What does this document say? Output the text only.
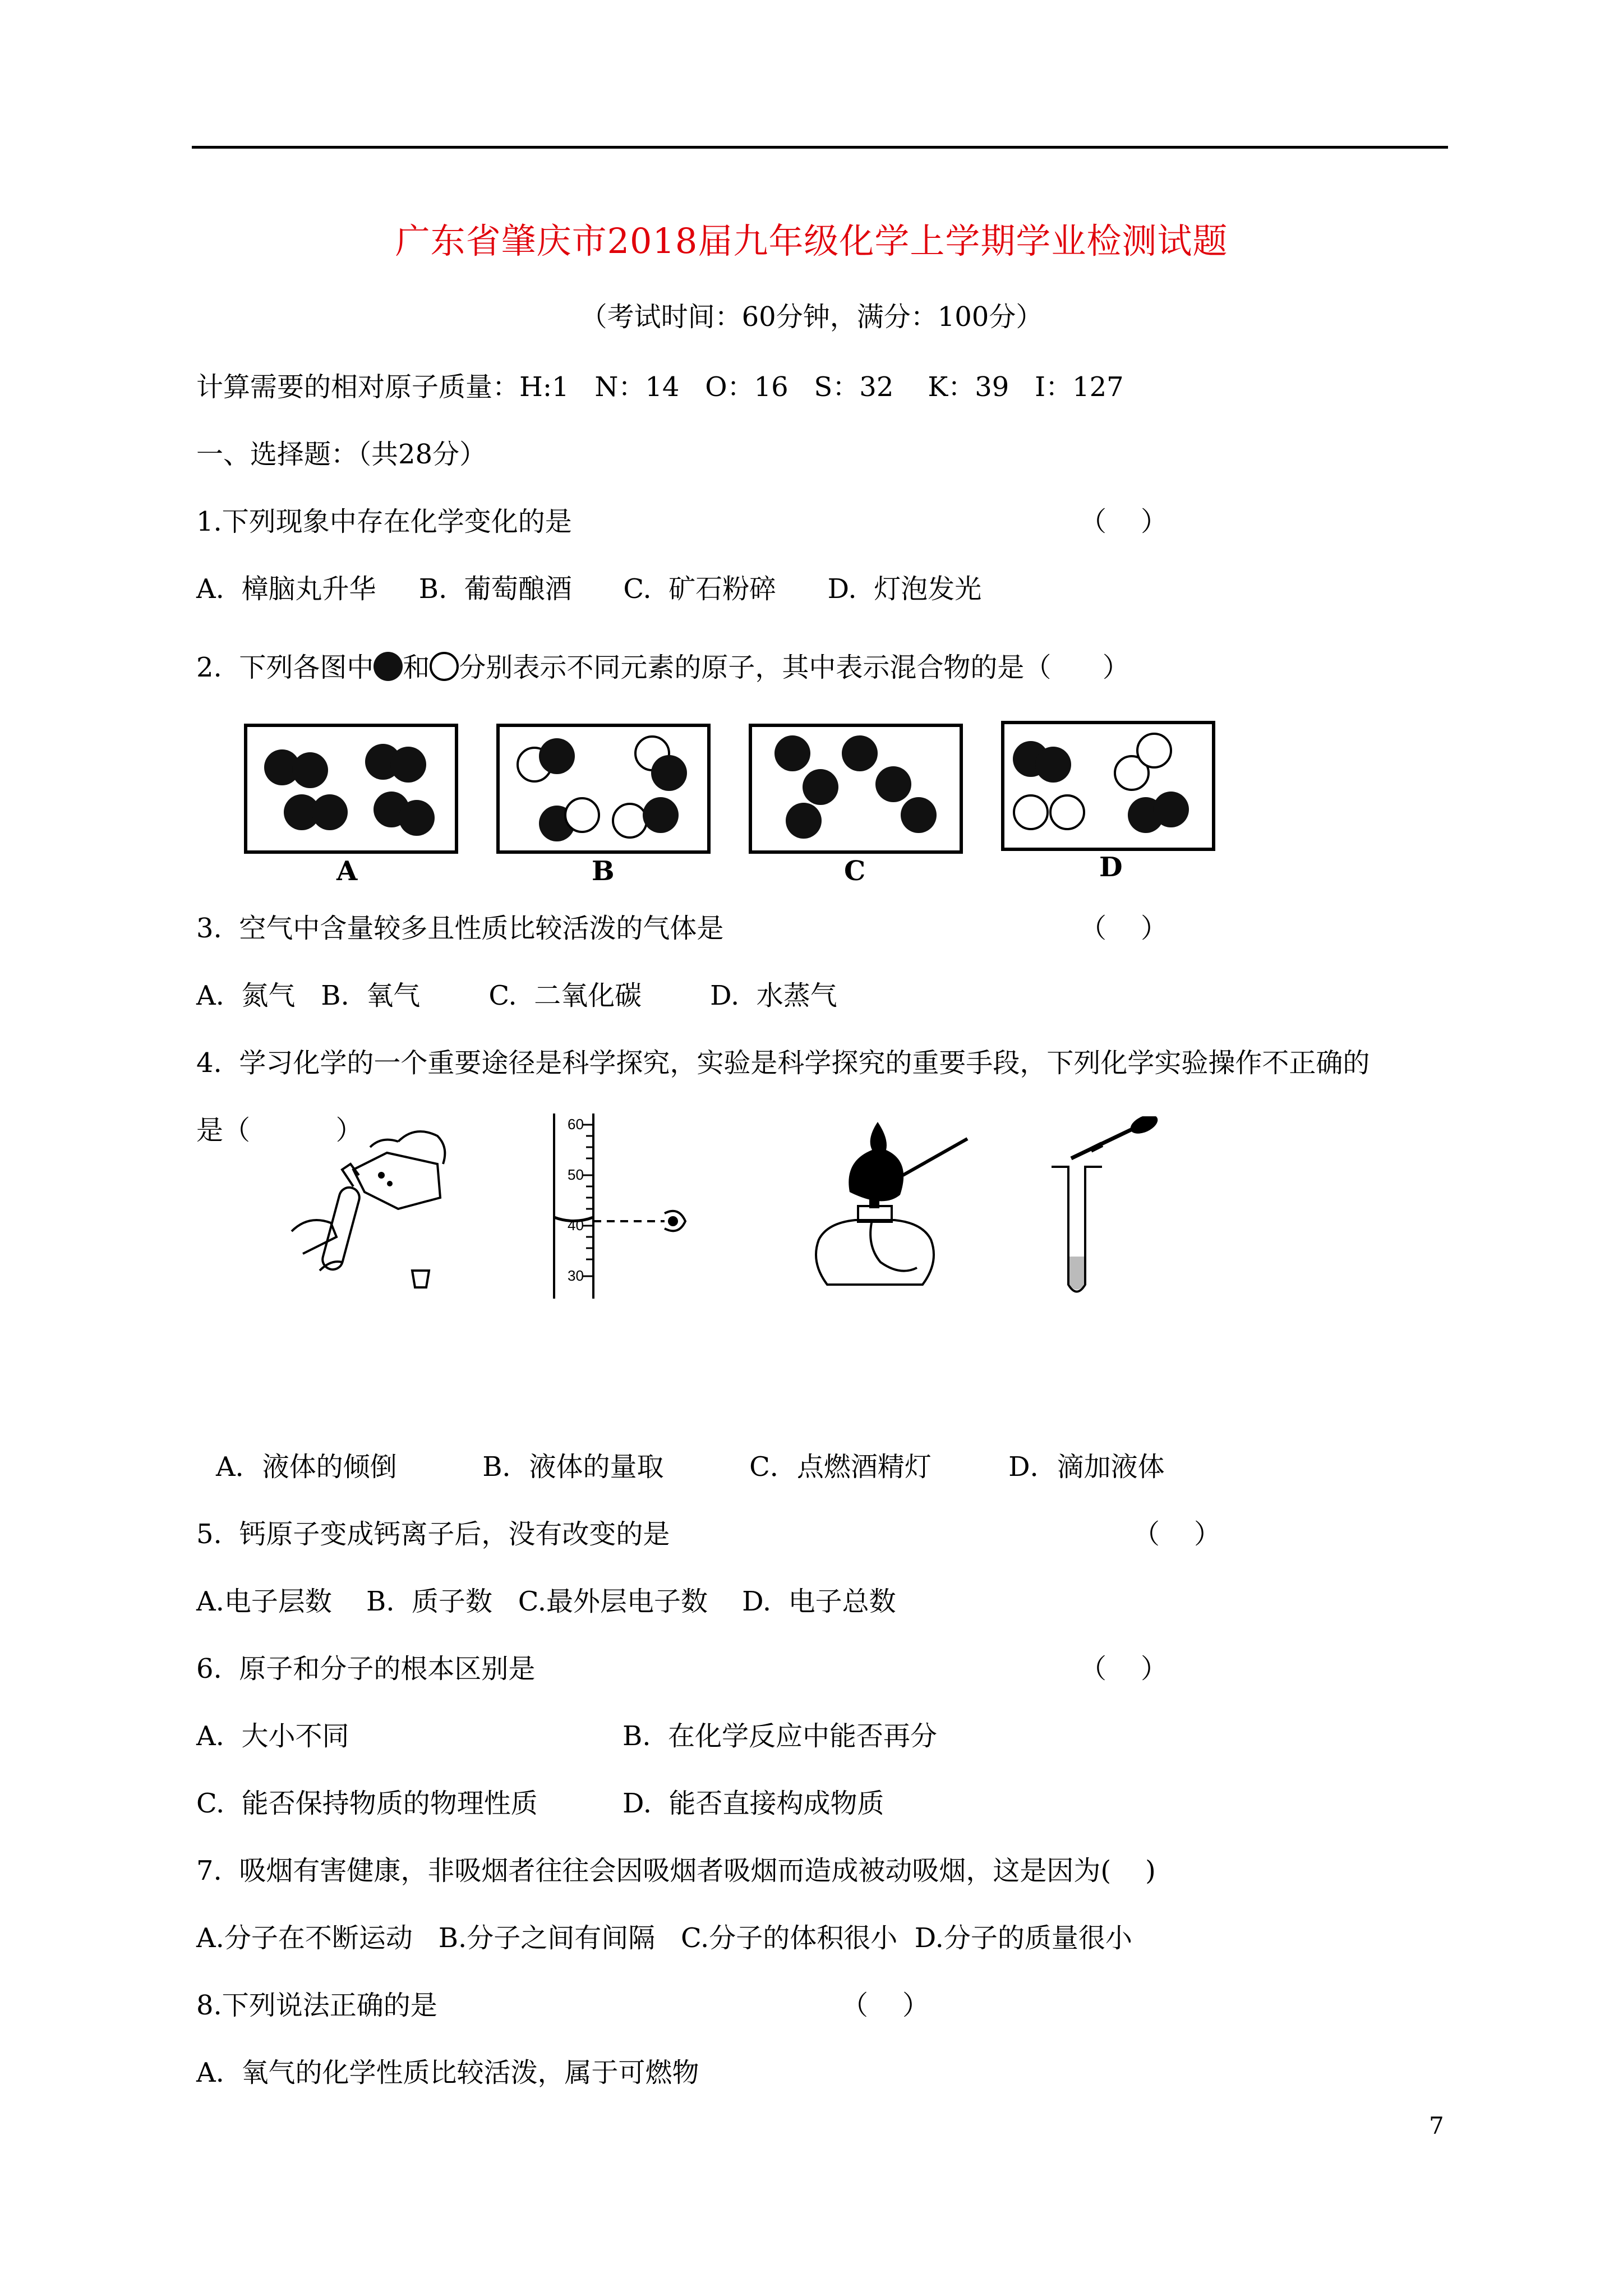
广东省肇庆市2018届九年级化学上学期学业检测试题
（考试时间：60分钟，满分：100分）
计算需要的相对原子质量：H:1   N：14   O：16   S：32    K：39   I：127
一、选择题：（共28分）
1.下列现象中存在化学变化的是	（    ）
A.  樟脑丸升华     B.  葡萄酿酒      C.  矿石粉碎      D.  灯泡发光
2.  下列各图中 和 分别表示不同元素的原子，其中表示混合物的是（      ）
A	B	C	D
3.  空气中含量较多且性质比较活泼的气体是	（    ）
A.  氮气   B.  氧气        C.  二氧化碳        D.  水蒸气
4.  学习化学的一个重要途径是科学探究，实验是科学探究的重要手段，下列化学实验操作不正确的
是（          ）	60
50
40
30
A．液体的倾倒          B．液体的量取          C．点燃酒精灯         D．滴加液体
5.  钙原子变成钙离子后，没有改变的是	（    ）
A.电子层数    B.  质子数   C.最外层电子数    D.  电子总数
6.  原子和分子的根本区别是	（    ）
A.  大小不同	B.  在化学反应中能否再分
C.  能否保持物质的物理性质	D.  能否直接构成物质
7.  吸烟有害健康，非吸烟者往往会因吸烟者吸烟而造成被动吸烟，这是因为(    )
A.分子在不断运动   B.分子之间有间隔   C.分子的体积很小  D.分子的质量很小
8.下列说法正确的是	（    ）
A.  氧气的化学性质比较活泼，属于可燃物
7
